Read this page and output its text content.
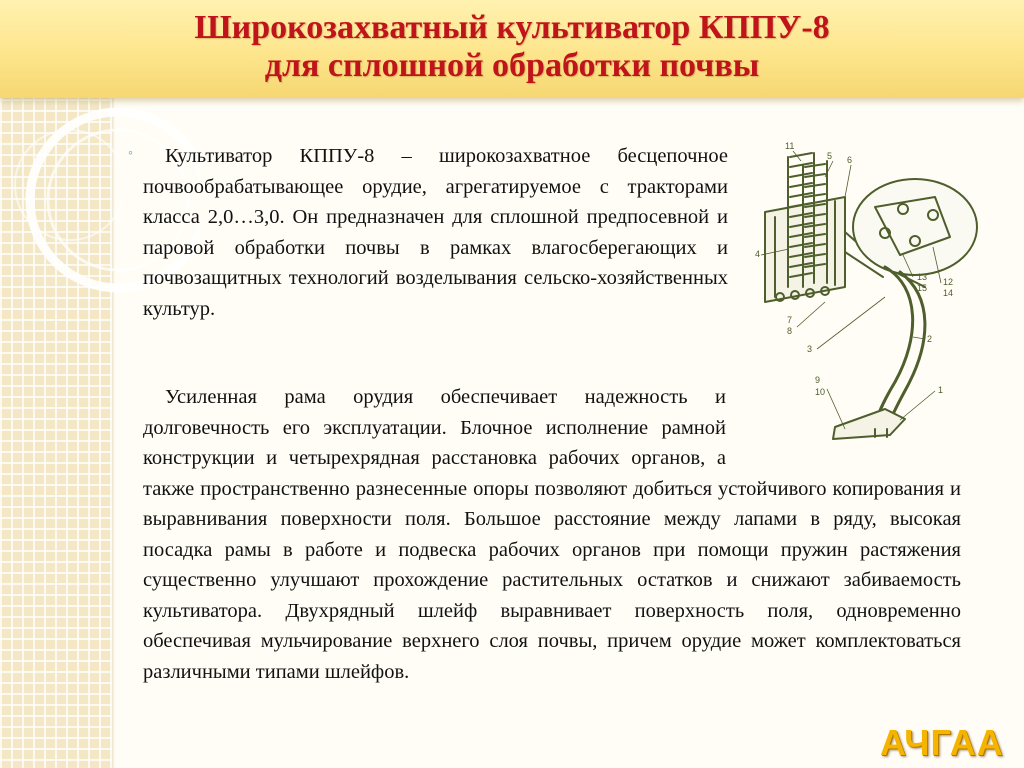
Широкозахватный культиватор КППУ-8
для сплошной обработки почвы
◦	Культиватор КППУ-8 – широкозахватное бесцепочное почвообрабатывающее орудие, агрегатируемое с тракторами класса 2,0…3,0. Он предназначен для сплошной предпосевной и паровой обработки почвы в рамках влагосберегающих и почвозащитных технологий возделывания сельско-хозяйственных культур.
Усиленная рама орудия обеспечивает надежность и долговечность его эксплуатации. Блочное исполнение рамной конструкции и четырехрядная расстановка рабочих органов, а также пространственно разнесенные опоры позволяют добиться устойчивого копирования и выравнивания поверхности поля. Большое расстояние между лапами в ряду, высокая посадка рамы в работе и подвеска рабочих органов при помощи пружин растяжения существенно улучшают прохождение растительных остатков и снижают забиваемость культиватора. Двухрядный шлейф выравнивает поверхность поля, одновременно обеспечивая мульчирование верхнего слоя почвы, причем орудие может комплектоваться различными типами шлейфов.
11
5 6
4
13
15
12
14
7
8
3
2
9
10	1
АЧГАА
